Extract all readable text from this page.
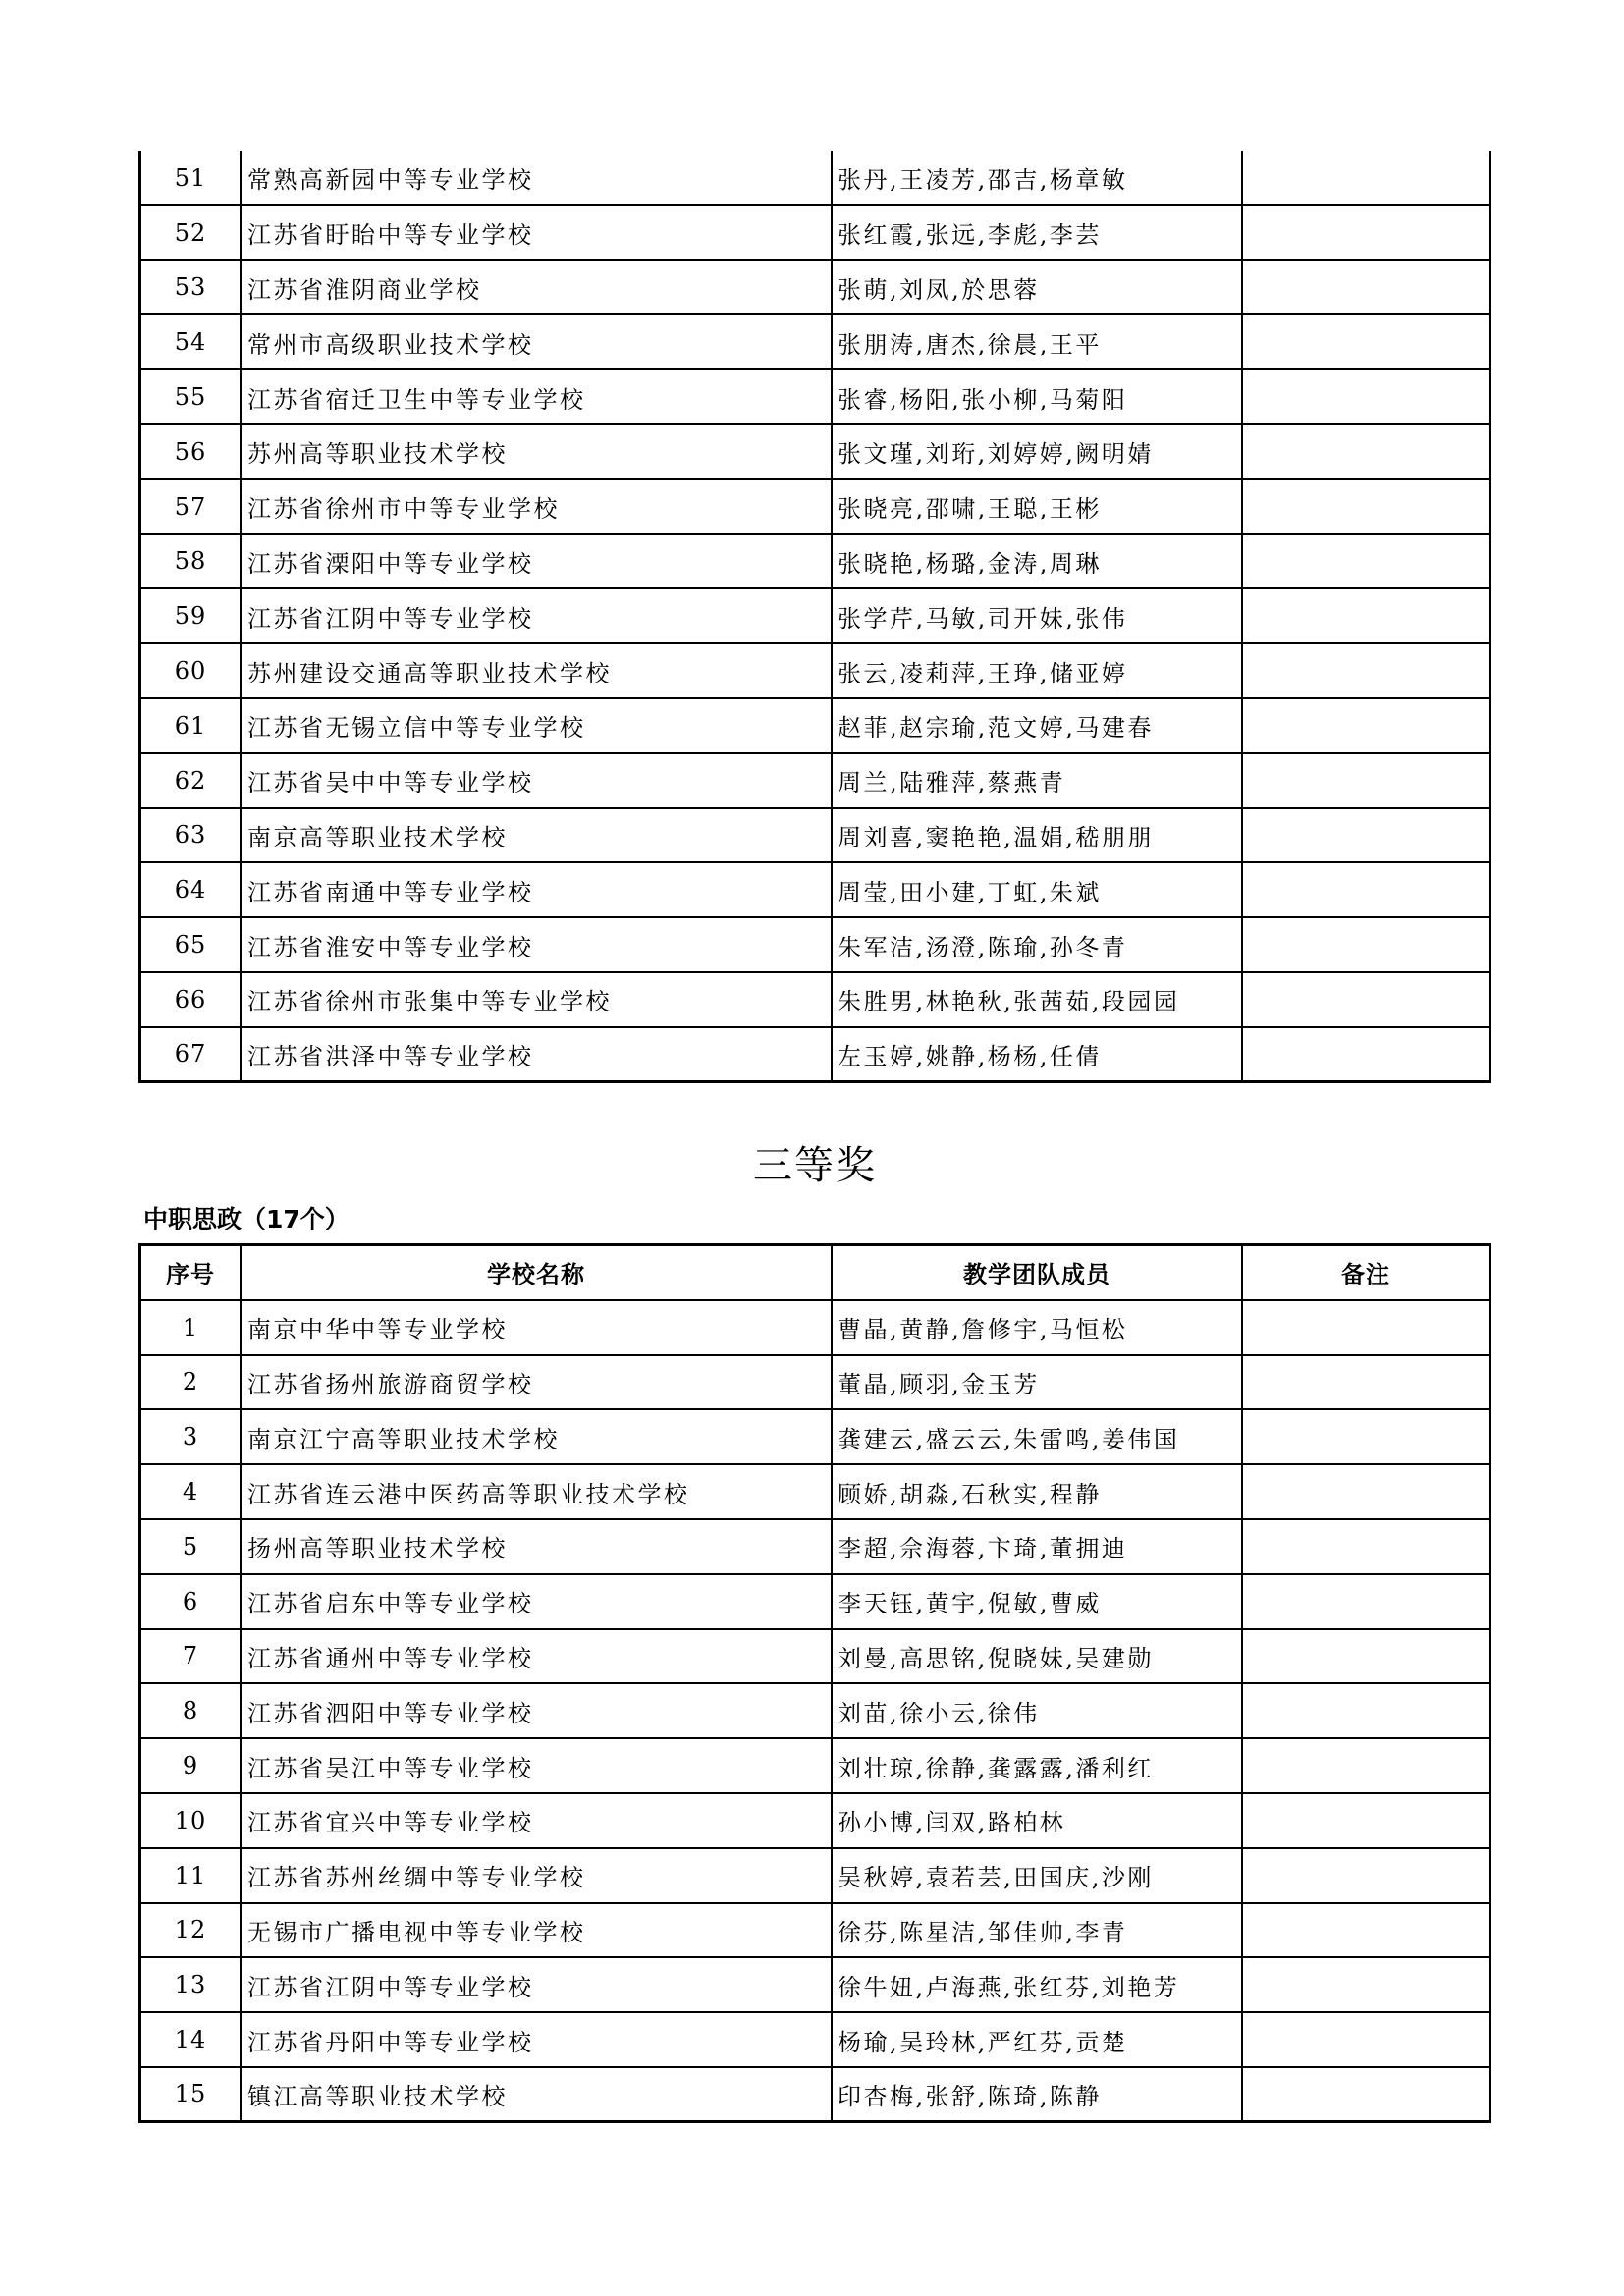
51	常熟高新园中等专业学校	张丹,王凌芳,邵吉,杨章敏
52	江苏省盱眙中等专业学校	张红霞,张远,李彪,李芸
53	江苏省淮阴商业学校	张萌,刘凤,於思蓉
54	常州市高级职业技术学校	张朋涛,唐杰,徐晨,王平
55	江苏省宿迁卫生中等专业学校	张睿,杨阳,张小柳,马菊阳
56	苏州高等职业技术学校	张文瑾,刘珩,刘婷婷,阙明婧
57	江苏省徐州市中等专业学校	张晓亮,邵啸,王聪,王彬
58	江苏省溧阳中等专业学校	张晓艳,杨璐,金涛,周琳
59	江苏省江阴中等专业学校	张学芹,马敏,司开妹,张伟
60	苏州建设交通高等职业技术学校	张云,凌莉萍,王琤,储亚婷
61	江苏省无锡立信中等专业学校	赵菲,赵宗瑜,范文婷,马建春
62	江苏省吴中中等专业学校	周兰,陆雅萍,蔡燕青
63	南京高等职业技术学校	周刘喜,窦艳艳,温娟,嵇朋朋
64	江苏省南通中等专业学校	周莹,田小建,丁虹,朱斌
65	江苏省淮安中等专业学校	朱军洁,汤澄,陈瑜,孙冬青
66	江苏省徐州市张集中等专业学校	朱胜男,林艳秋,张茜茹,段园园
67	江苏省洪泽中等专业学校	左玉婷,姚静,杨杨,任倩
三等奖
中职思政（17个）
序号	学校名称	教学团队成员	备注
1	南京中华中等专业学校	曹晶,黄静,詹修宇,马恒松
2	江苏省扬州旅游商贸学校	董晶,顾羽,金玉芳
3	南京江宁高等职业技术学校	龚建云,盛云云,朱雷鸣,姜伟国
4	江苏省连云港中医药高等职业技术学校	顾娇,胡淼,石秋实,程静
5	扬州高等职业技术学校	李超,佘海蓉,卞琦,董拥迪
6	江苏省启东中等专业学校	李天钰,黄宇,倪敏,曹威
7	江苏省通州中等专业学校	刘曼,高思铭,倪晓妹,吴建勋
8	江苏省泗阳中等专业学校	刘苗,徐小云,徐伟
9	江苏省吴江中等专业学校	刘壮琼,徐静,龚露露,潘利红
10	江苏省宜兴中等专业学校	孙小博,闫双,路柏林
11	江苏省苏州丝绸中等专业学校	吴秋婷,袁若芸,田国庆,沙刚
12	无锡市广播电视中等专业学校	徐芬,陈星洁,邹佳帅,李青
13	江苏省江阴中等专业学校	徐牛妞,卢海燕,张红芬,刘艳芳
14	江苏省丹阳中等专业学校	杨瑜,吴玲林,严红芬,贡楚
15	镇江高等职业技术学校	印杏梅,张舒,陈琦,陈静
